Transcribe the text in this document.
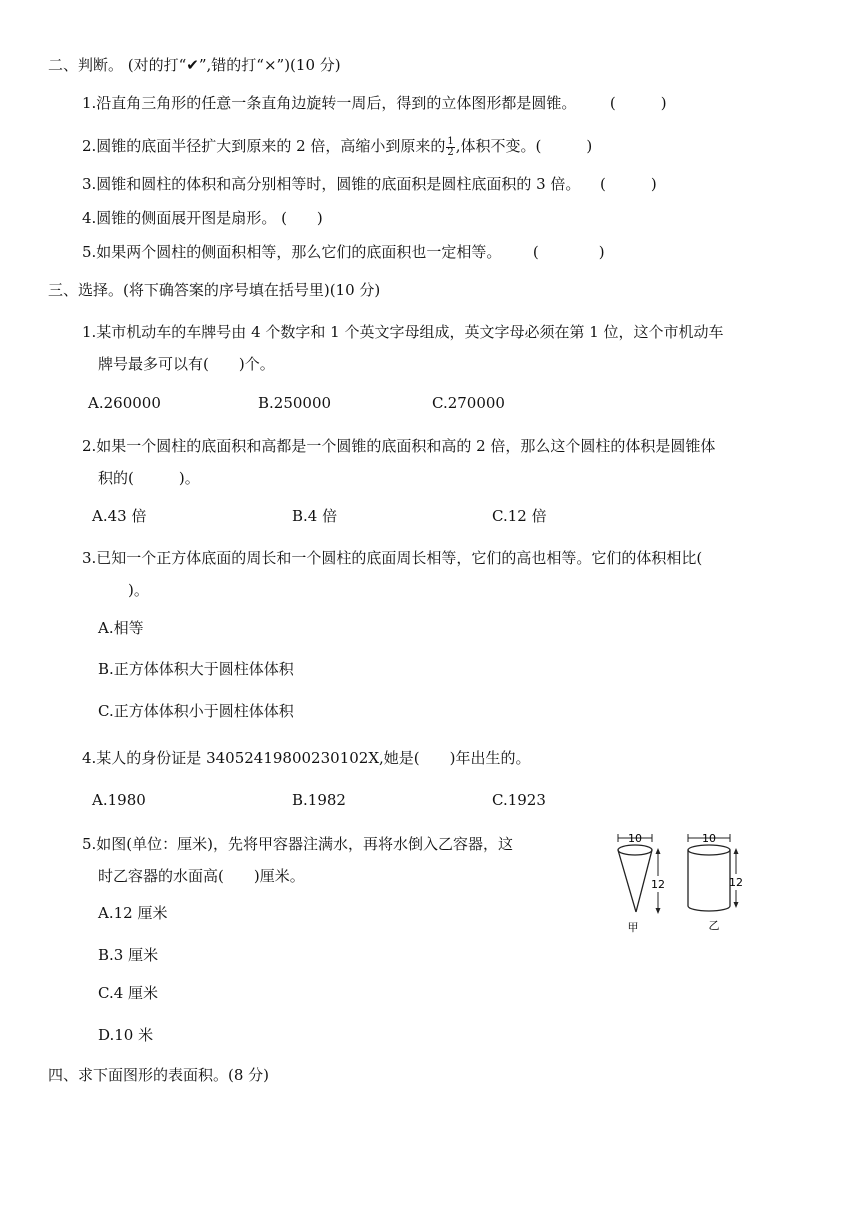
二、判断。 (对的打“✔”,错的打“×”)(10 分)
1.沿直角三角形的任意一条直角边旋转一周后，得到的立体图形都是圆锥。 (　　　)
2.圆锥的底面半径扩大到原来的 2 倍，高缩小到原来的 $\frac{1}{2}$ ,体积不变。(　　　)
3.圆锥和圆柱的体积和高分别相等时，圆锥的底面积是圆柱底面积的 3 倍。 (　　　)
4.圆锥的侧面展开图是扇形。 (　　)
5.如果两个圆柱的侧面积相等，那么它们的底面积也一定相等。 (　　　　)
三、选择。(将下确答案的序号填在括号里)(10 分)
1.某市机动车的车牌号由 4 个数字和 1 个英文字母组成，英文字母必须在第 1 位，这个市机动车
牌号最多可以有(　　)个。
A.260000	B.250000	C.270000
2.如果一个圆柱的底面积和高都是一个圆锥的底面积和高的 2 倍，那么这个圆柱的体积是圆锥体
积的(　　　)。
A.43 倍	B.4 倍	C.12 倍
3.已知一个正方体底面的周长和一个圆柱的底面周长相等，它们的高也相等。它们的体积相比(
　　)。
A.相等
B.正方体体积大于圆柱体体积
C.正方体体积小于圆柱体体积
4.某人的身份证是 34052419800230102X,她是(　　)年出生的。
A.1980	B.1982	C.1923
5.如图(单位：厘米)，先将甲容器注满水，再将水倒入乙容器，这
时乙容器的水面高(　　)厘米。
A.12 厘米
B.3 厘米
C.4 厘米
D.10 米
10
12
甲
10
12
乙
四、求下面图形的表面积。(8 分)
